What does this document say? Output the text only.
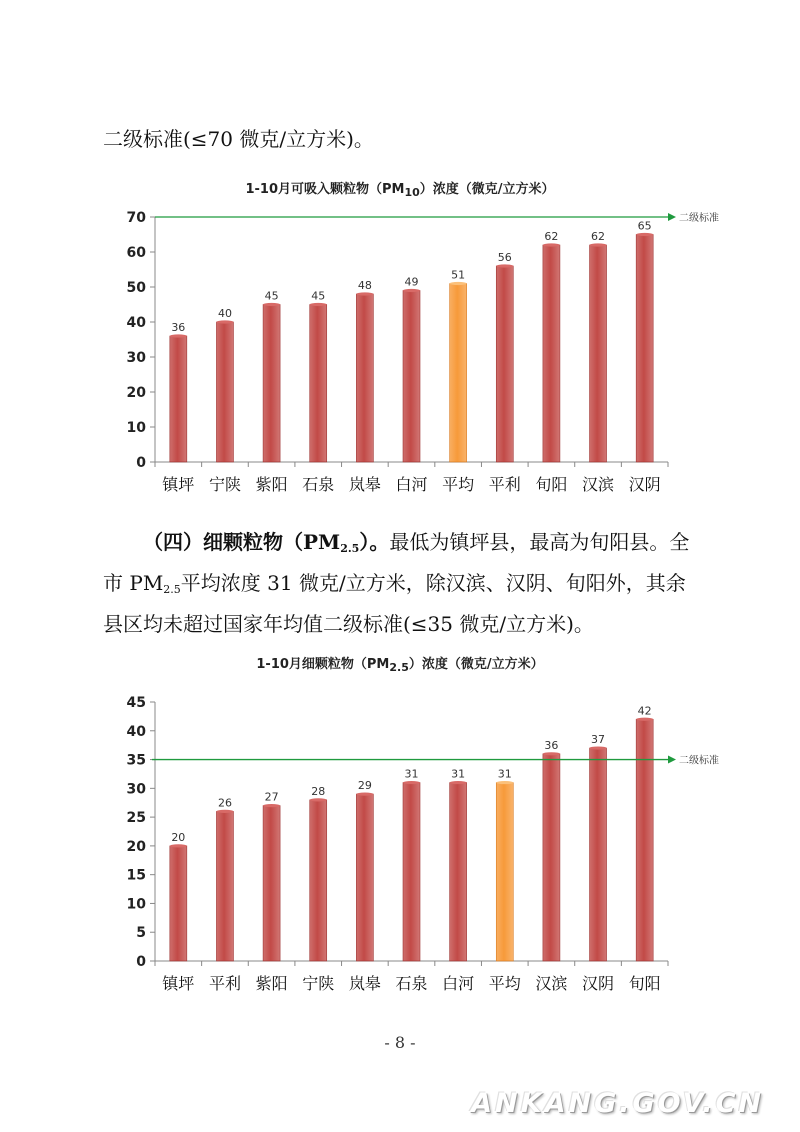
二级标准(≤70 微克/立方米)。
1-10月可吸入颗粒物$(PM_{10})$浓度（微克/立方米）
0
10
20
30
40
50
60
70
36
镇坪
40
宁陕
45
紫阳
45
石泉
48
岚皋
49
白河
51
平均
56
平利
62
旬阳
62
汉滨
65
汉阴
二级标准
（四）细颗粒物$(PM_{2.5})$。最低为镇坪县，最高为旬阳县。全
市 $PM_{2.5}$平均浓度 31 微克/立方米，除汉滨、汉阴、旬阳外，其余
县区均未超过国家年均值二级标准(≤35 微克/立方米)。
1-10月细颗粒物$(PM_{2.5})$浓度（微克/立方米）
0
5
10
15
20
25
30
35
40
45
20
镇坪
26
平利
27
紫阳
28
宁陕
29
岚皋
31
石泉
31
白河
31
平均
36
汉滨
37
汉阴
42
旬阳
二级标准
- 8 -
ANKANG.GOV.CN
